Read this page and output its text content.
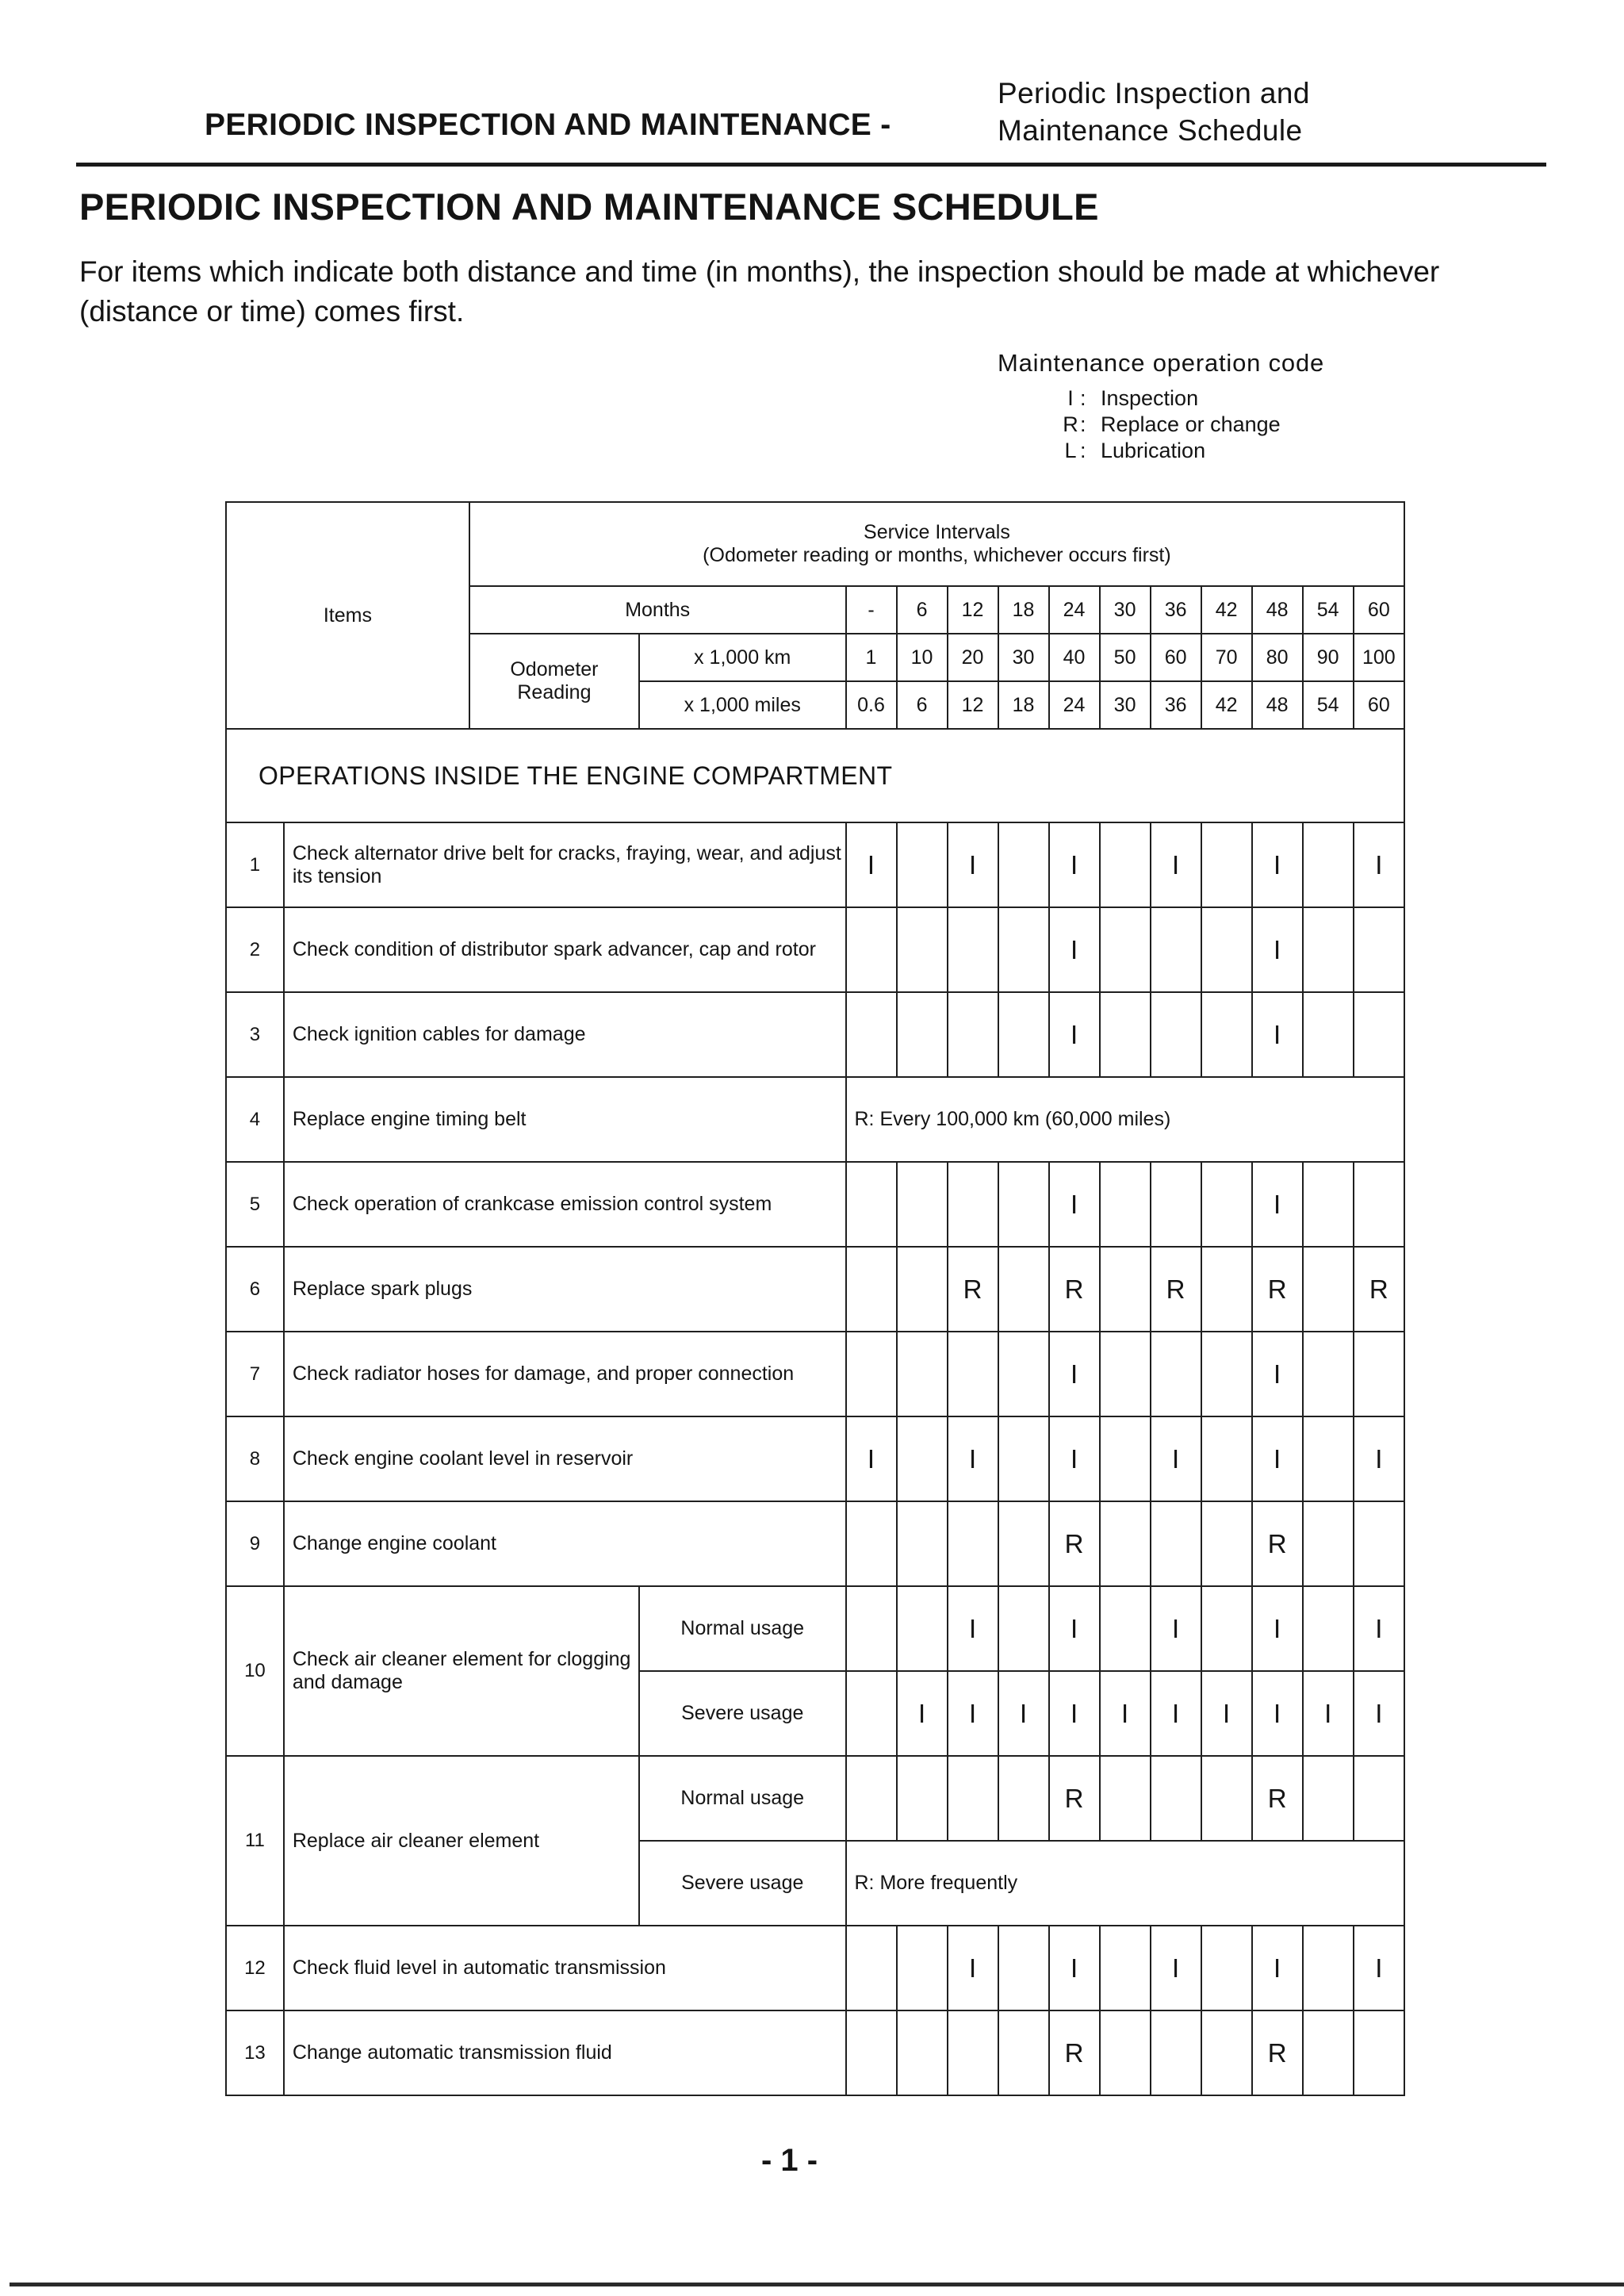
PERIODIC INSPECTION AND MAINTENANCE -
Periodic Inspection and
Maintenance Schedule
PERIODIC INSPECTION AND MAINTENANCE SCHEDULE
For items which indicate both distance and time (in months), the inspection should be made at whichever (distance or time) comes first.
Maintenance operation code
I : Inspection
R : Replace or change
L : Lubrication
Items		Service Intervals
(Odometer reading or months, whichever occurs first)												

		Months		-	6	12	18	24	30	36	42	48	54	60

		Odometer
Reading	x 1,000 km	1	10	20	30	40	50	60	70	80	90	100
			x 1,000 miles	0.6	6	12	18	24	30	36	42	48	54	60
OPERATIONS INSIDE THE ENGINE COMPARTMENT														
1	Check alternator drive belt for cracks, fraying, wear, and adjust its tension			I		I		I		I		I		I
2	Check condition of distributor spark advancer, cap and rotor							I				I		
3	Check ignition cables for damage							I				I		
4	Replace engine timing belt			R: Every 100,000 km (60,000 miles)										
5	Check operation of crankcase emission control system							I				I		
6	Replace spark plugs					R		R		R		R		R
7	Check radiator hoses for damage, and proper connection							I				I		
8	Check engine coolant level in reservoir			I		I		I		I		I		I
9	Change engine coolant							R				R		
10	Check air cleaner element for clogging and damage		Normal usage			I		I		I		I		I
			Severe usage		I	I	I	I	I	I	I	I	I	I
11	Replace air cleaner element		Normal usage					R				R		
			Severe usage	R: More frequently										
12	Check fluid level in automatic transmission					I		I		I		I		I
13	Change automatic transmission fluid							R				R		
- 1 -
